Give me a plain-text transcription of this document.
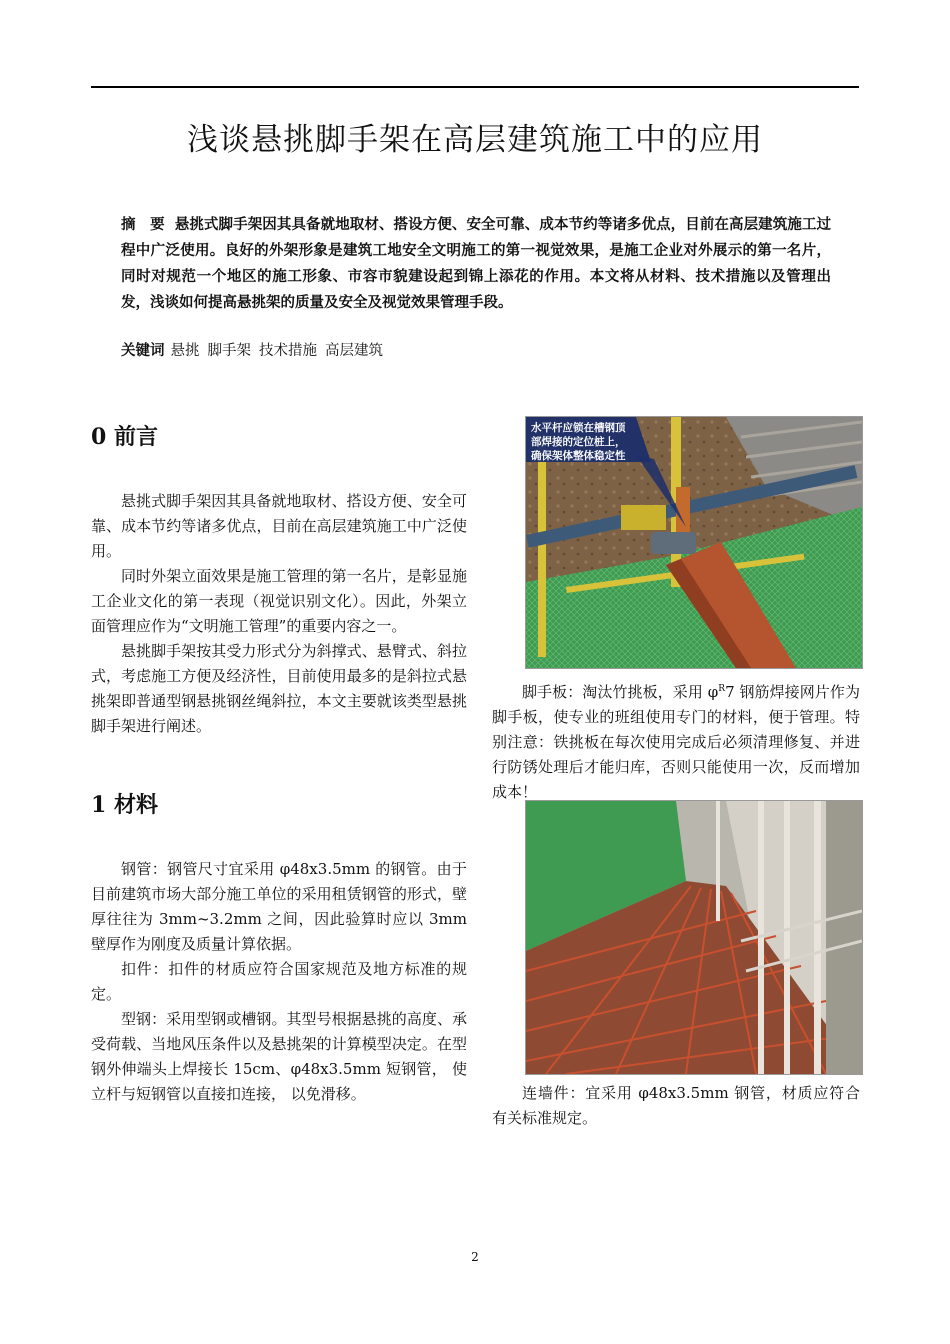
浅谈悬挑脚手架在高层建筑施工中的应用
摘　要 悬挑式脚手架因其具备就地取材、搭设方便、安全可靠、成本节约等诸多优点，目前在高层建筑施工过程中广泛使用。良好的外架形象是建筑工地安全文明施工的第一视觉效果，是施工企业对外展示的第一名片，同时对规范一个地区的施工形象、市容市貌建设起到锦上添花的作用。本文将从材料、技术措施以及管理出发，浅谈如何提高悬挑架的质量及安全及视觉效果管理手段。
关键词 悬挑 脚手架 技术措施 高层建筑
0 前言

悬挑式脚手架因其具备就地取材、搭设方便、安全可靠、成本节约等诸多优点，目前在高层建筑施工中广泛使用。

同时外架立面效果是施工管理的第一名片，是彰显施工企业文化的第一表现（视觉识别文化）。因此，外架立面管理应作为“文明施工管理”的重要内容之一。

悬挑脚手架按其受力形式分为斜撑式、悬臂式、斜拉式，考虑施工方便及经济性，目前使用最多的是斜拉式悬挑架即普通型钢悬挑钢丝绳斜拉，本文主要就该类型悬挑脚手架进行阐述。

1 材料

钢管：钢管尺寸宜采用 φ48x3.5mm 的钢管。由于目前建筑市场大部分施工单位的采用租赁钢管的形式，壁厚往往为 3mm~3.2mm 之间，因此验算时应以 3mm 壁厚作为刚度及质量计算依据。

扣件：扣件的材质应符合国家规范及地方标准的规定。

型钢：采用型钢或槽钢。其型号根据悬挑的高度、承受荷载、当地风压条件以及悬挑架的计算模型决定。在型钢外伸端头上焊接长 15cm、φ48x3.5mm 短钢管， 使立杆与短钢管以直接扣连接， 以免滑移。

水平杆应锁在槽钢顶
部焊接的定位桩上，
确保架体整体稳定性

脚手板：淘汰竹挑板，采用 $\varphi^R7$ 钢筋焊接网片作为脚手板，使专业的班组使用专门的材料，便于管理。特别注意：铁挑板在每次使用完成后必须清理修复、并进行防锈处理后才能归库，否则只能使用一次，反而增加成本！

连墙件：宜采用 φ48x3.5mm 钢管，材质应符合有关标准规定。

2
